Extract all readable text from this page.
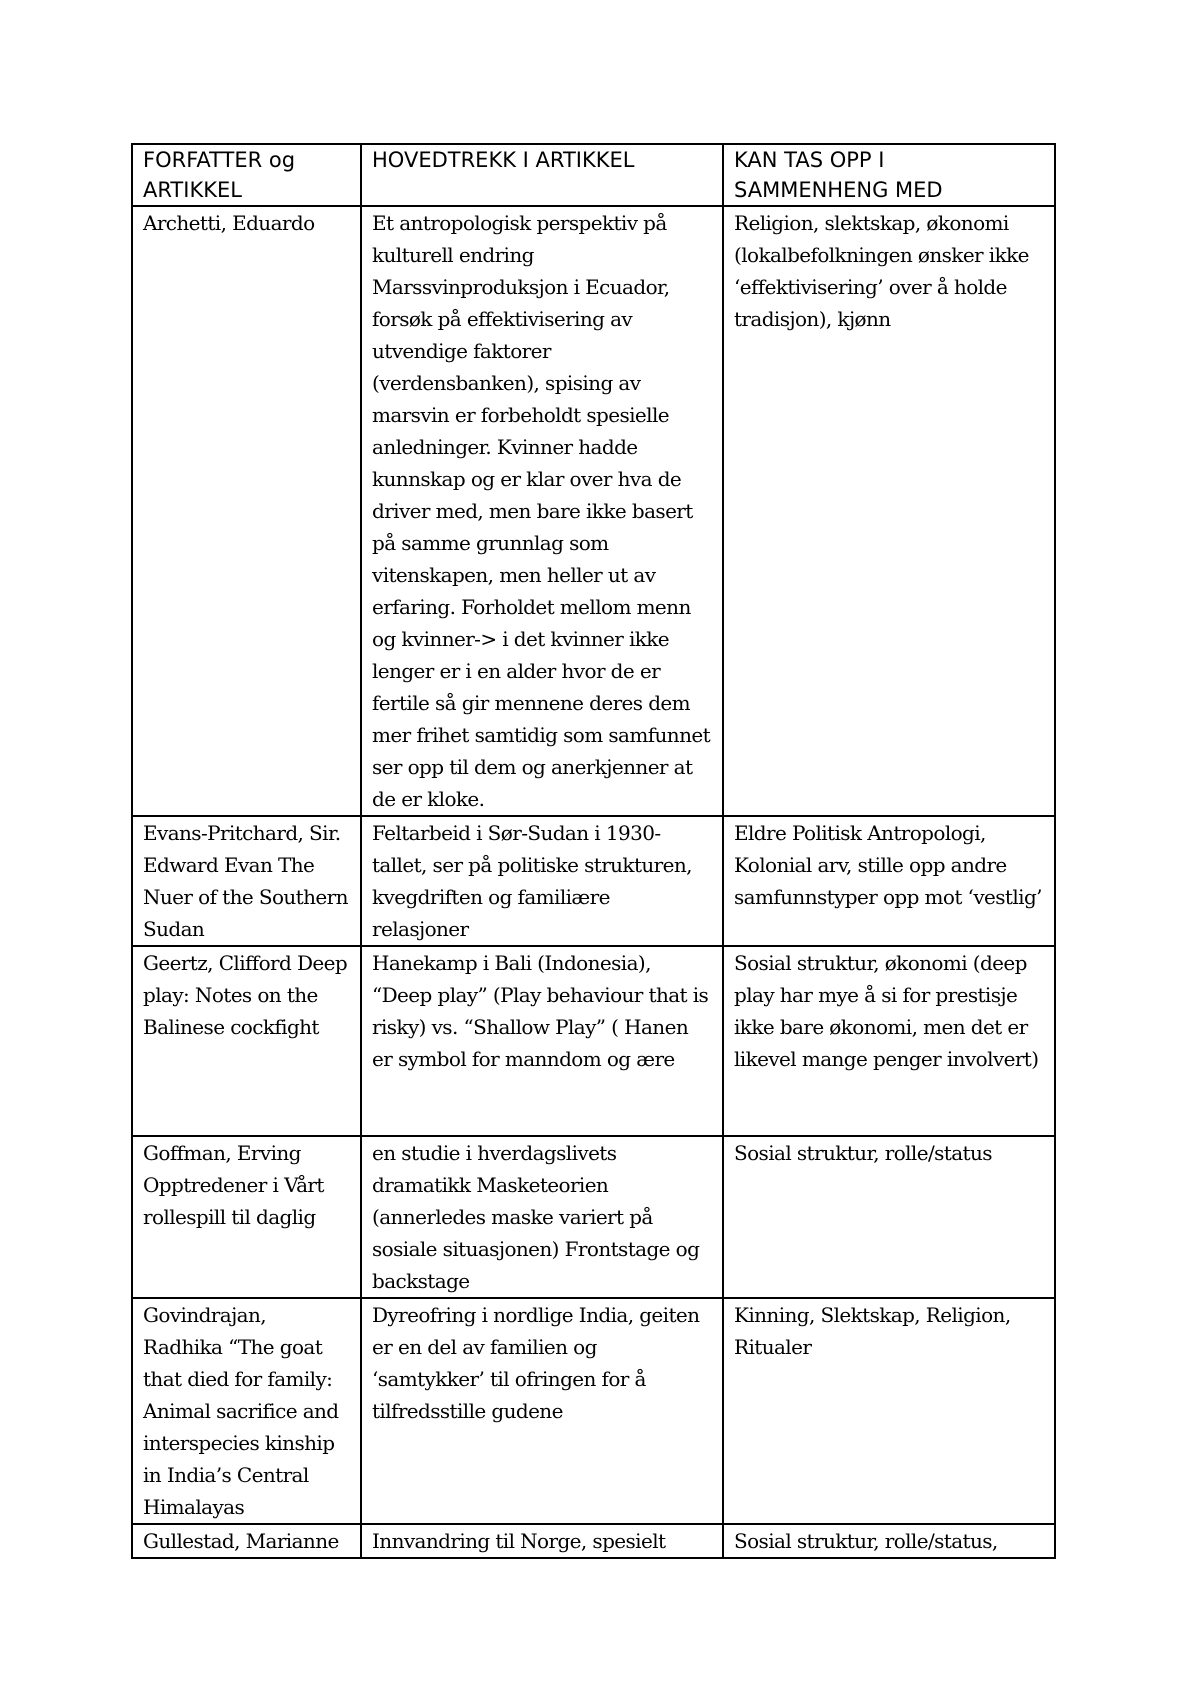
FORFATTER og ARTIKKEL	HOVEDTREKK I ARTIKKEL	KAN TAS OPP I SAMMENHENG MED

Archetti, Eduardo	Et antropologisk perspektiv på kulturell endring Marssvinproduksjon i Ecuador, forsøk på effektivisering av utvendige faktorer (verdensbanken), spising av marsvin er forbeholdt spesielle anledninger. Kvinner hadde kunnskap og er klar over hva de driver med, men bare ikke basert på samme grunnlag som vitenskapen, men heller ut av erfaring. Forholdet mellom menn og kvinner-> i det kvinner ikke lenger er i en alder hvor de er fertile så gir mennene deres dem mer frihet samtidig som samfunnet ser opp til dem og anerkjenner at de er kloke.	Religion, slektskap, økonomi (lokalbefolkningen ønsker ikke ‘effektivisering’ over å holde tradisjon), kjønn

Evans-Pritchard, Sir. Edward Evan The Nuer of the Southern Sudan	Feltarbeid i Sør-Sudan i 1930-tallet, ser på politiske strukturen, kvegdriften og familiære relasjoner	Eldre Politisk Antropologi, Kolonial arv, stille opp andre samfunnstyper opp mot ‘vestlig’

Geertz, Clifford Deep play: Notes on the Balinese cockfight	Hanekamp i Bali (Indonesia), “Deep play” (Play behaviour that is risky) vs. “Shallow Play” ( Hanen er symbol for manndom og ære	Sosial struktur, økonomi (deep play har mye å si for prestisje ikke bare økonomi, men det er likevel mange penger involvert)

Goffman, Erving Opptredener i Vårt rollespill til daglig	en studie i hverdagslivets dramatikk Masketeorien (annerledes maske variert på sosiale situasjonen) Frontstage og backstage	Sosial struktur, rolle/status

Govindrajan, Radhika “The goat that died for family: Animal sacrifice and interspecies kinship in India’s Central Himalayas	Dyreofring i nordlige India, geiten er en del av familien og ‘samtykker’ til ofringen for å tilfredsstille gudene	Kinning, Slektskap, Religion, Ritualer

Gullestad, Marianne	Innvandring til Norge, spesielt	Sosial struktur, rolle/status,
